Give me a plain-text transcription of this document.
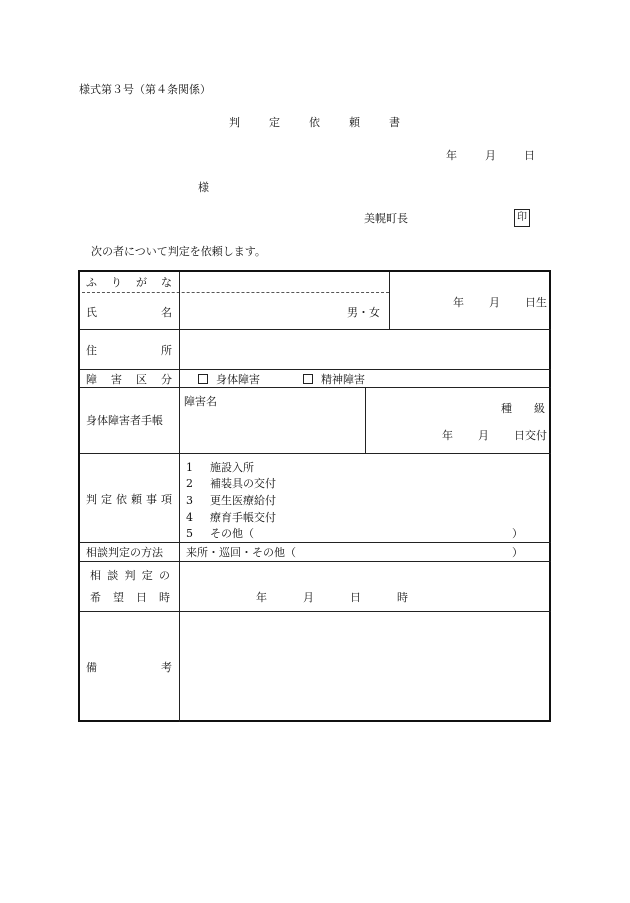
様式第３号（第４条関係）
判	定	依	頼	書
年	月	日
様
美幌町長	印
次の者について判定を依頼します。
ふ り が な
氏	名	男・女
年 月 日生
住	所
障 害 区 分	身体障害	精神障害
身体障害者手帳
障害名
種 級
年 月 日交付
判 定 依 頼 事 項
1 施設入所
2 補装具の交付
3 更生医療給付
4 療育手帳交付
5 その他（	）
相談判定の方法 来所・巡回・その他（	）
相 談 判 定 の
希 望 日 時	年	月	日	時
備	考
